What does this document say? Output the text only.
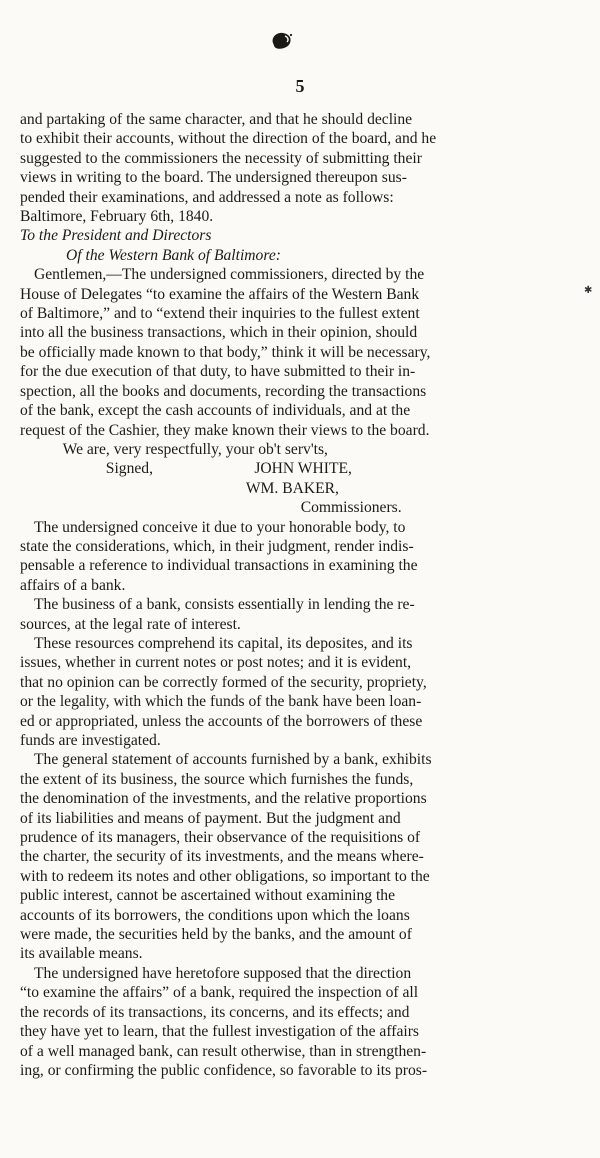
5
✱

and partaking of the same character, and that he should decline

to exhibit their accounts, without the direction of the board, and he

suggested to the commissioners the necessity of submitting their

views in writing to the board. The undersigned thereupon sus-

pended their examinations, and addressed a note as follows:

Baltimore, February 6th, 1840.

To the President and Directors

Of the Western Bank of Baltimore:

Gentlemen,—The undersigned commissioners, directed by the

House of Delegates “to examine the affairs of the Western Bank

of Baltimore,” and to “extend their inquiries to the fullest extent

into all the business transactions, which in their opinion, should

be officially made known to that body,” think it will be necessary,

for the due execution of that duty, to have submitted to their in-

spection, all the books and documents, recording the transactions

of the bank, except the cash accounts of individuals, and at the

request of the Cashier, they make known their views to the board.

We are, very respectfully, your ob't serv'ts,

Signed,                          JOHN WHITE,

WM. BAKER,

Commissioners.

The undersigned conceive it due to your honorable body, to

state the considerations, which, in their judgment, render indis-

pensable a reference to individual transactions in examining the

affairs of a bank.

The business of a bank, consists essentially in lending the re-

sources, at the legal rate of interest.

These resources comprehend its capital, its deposites, and its

issues, whether in current notes or post notes; and it is evident,

that no opinion can be correctly formed of the security, propriety,

or the legality, with which the funds of the bank have been loan-

ed or appropriated, unless the accounts of the borrowers of these

funds are investigated.

The general statement of accounts furnished by a bank, exhibits

the extent of its business, the source which furnishes the funds,

the denomination of the investments, and the relative proportions

of its liabilities and means of payment. But the judgment and

prudence of its managers, their observance of the requisitions of

the charter, the security of its investments, and the means where-

with to redeem its notes and other obligations, so important to the

public interest, cannot be ascertained without examining the

accounts of its borrowers, the conditions upon which the loans

were made, the securities held by the banks, and the amount of

its available means.

The undersigned have heretofore supposed that the direction

“to examine the affairs” of a bank, required the inspection of all

the records of its transactions, its concerns, and its effects; and

they have yet to learn, that the fullest investigation of the affairs

of a well managed bank, can result otherwise, than in strengthen-

ing, or confirming the public confidence, so favorable to its pros-
